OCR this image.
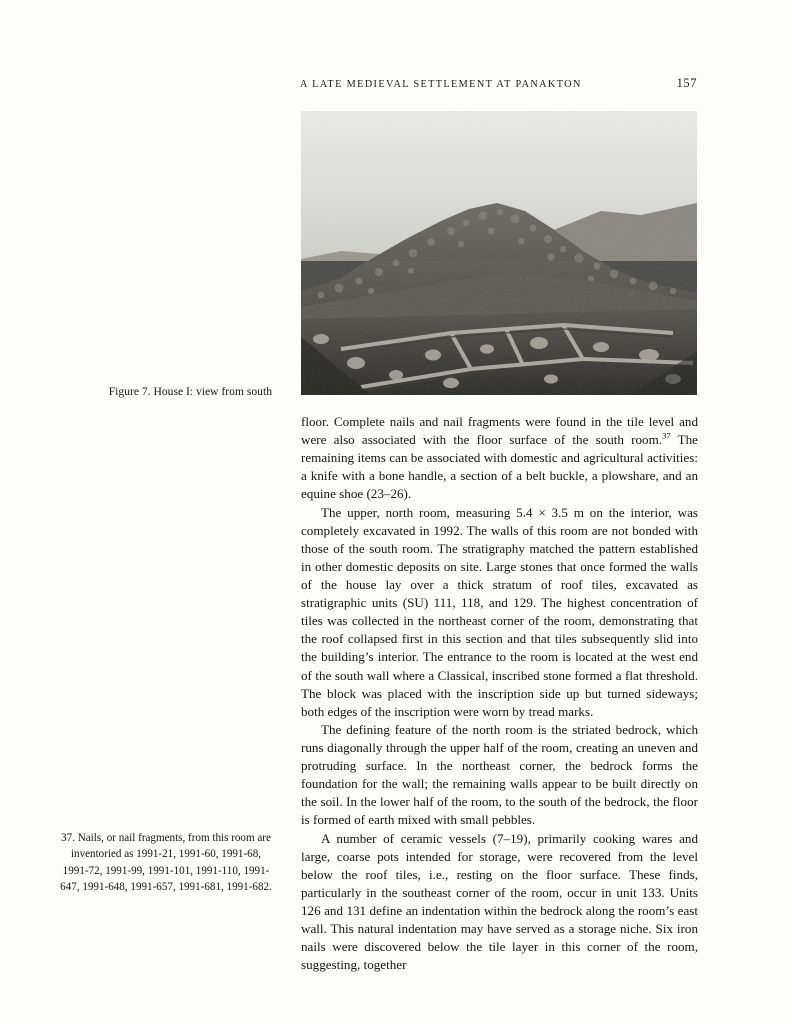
A LATE MEDIEVAL SETTLEMENT AT PANAKTON	157
Figure 7. House I: view from south
37. Nails, or nail fragments, from this room are inventoried as 1991-21, 1991-60, 1991-68, 1991-72, 1991-99, 1991-101, 1991-110, 1991-647, 1991-648, 1991-657, 1991-681, 1991-682.

floor. Complete nails and nail fragments were found in the tile level and were also associated with the floor surface of the south room.$^{37}$ The remaining items can be associated with domestic and agricultural activities: a knife with a bone handle, a section of a belt buckle, a plowshare, and an equine shoe (23–26).

The upper, north room, measuring 5.4 × 3.5 m on the interior, was completely excavated in 1992. The walls of this room are not bonded with those of the south room. The stratigraphy matched the pattern established in other domestic deposits on site. Large stones that once formed the walls of the house lay over a thick stratum of roof tiles, excavated as stratigraphic units (SU) 111, 118, and 129. The highest concentration of tiles was collected in the northeast corner of the room, demonstrating that the roof collapsed first in this section and that tiles subsequently slid into the building’s interior. The entrance to the room is located at the west end of the south wall where a Classical, inscribed stone formed a flat threshold. The block was placed with the inscription side up but turned sideways; both edges of the inscription were worn by tread marks.

The defining feature of the north room is the striated bedrock, which runs diagonally through the upper half of the room, creating an uneven and protruding surface. In the northeast corner, the bedrock forms the foundation for the wall; the remaining walls appear to be built directly on the soil. In the lower half of the room, to the south of the bedrock, the floor is formed of earth mixed with small pebbles.

A number of ceramic vessels (7–19), primarily cooking wares and large, coarse pots intended for storage, were recovered from the level below the roof tiles, i.e., resting on the floor surface. These finds, particularly in the southeast corner of the room, occur in unit 133. Units 126 and 131 define an indentation within the bedrock along the room’s east wall. This natural indentation may have served as a storage niche. Six iron nails were discovered below the tile layer in this corner of the room, suggesting, together
